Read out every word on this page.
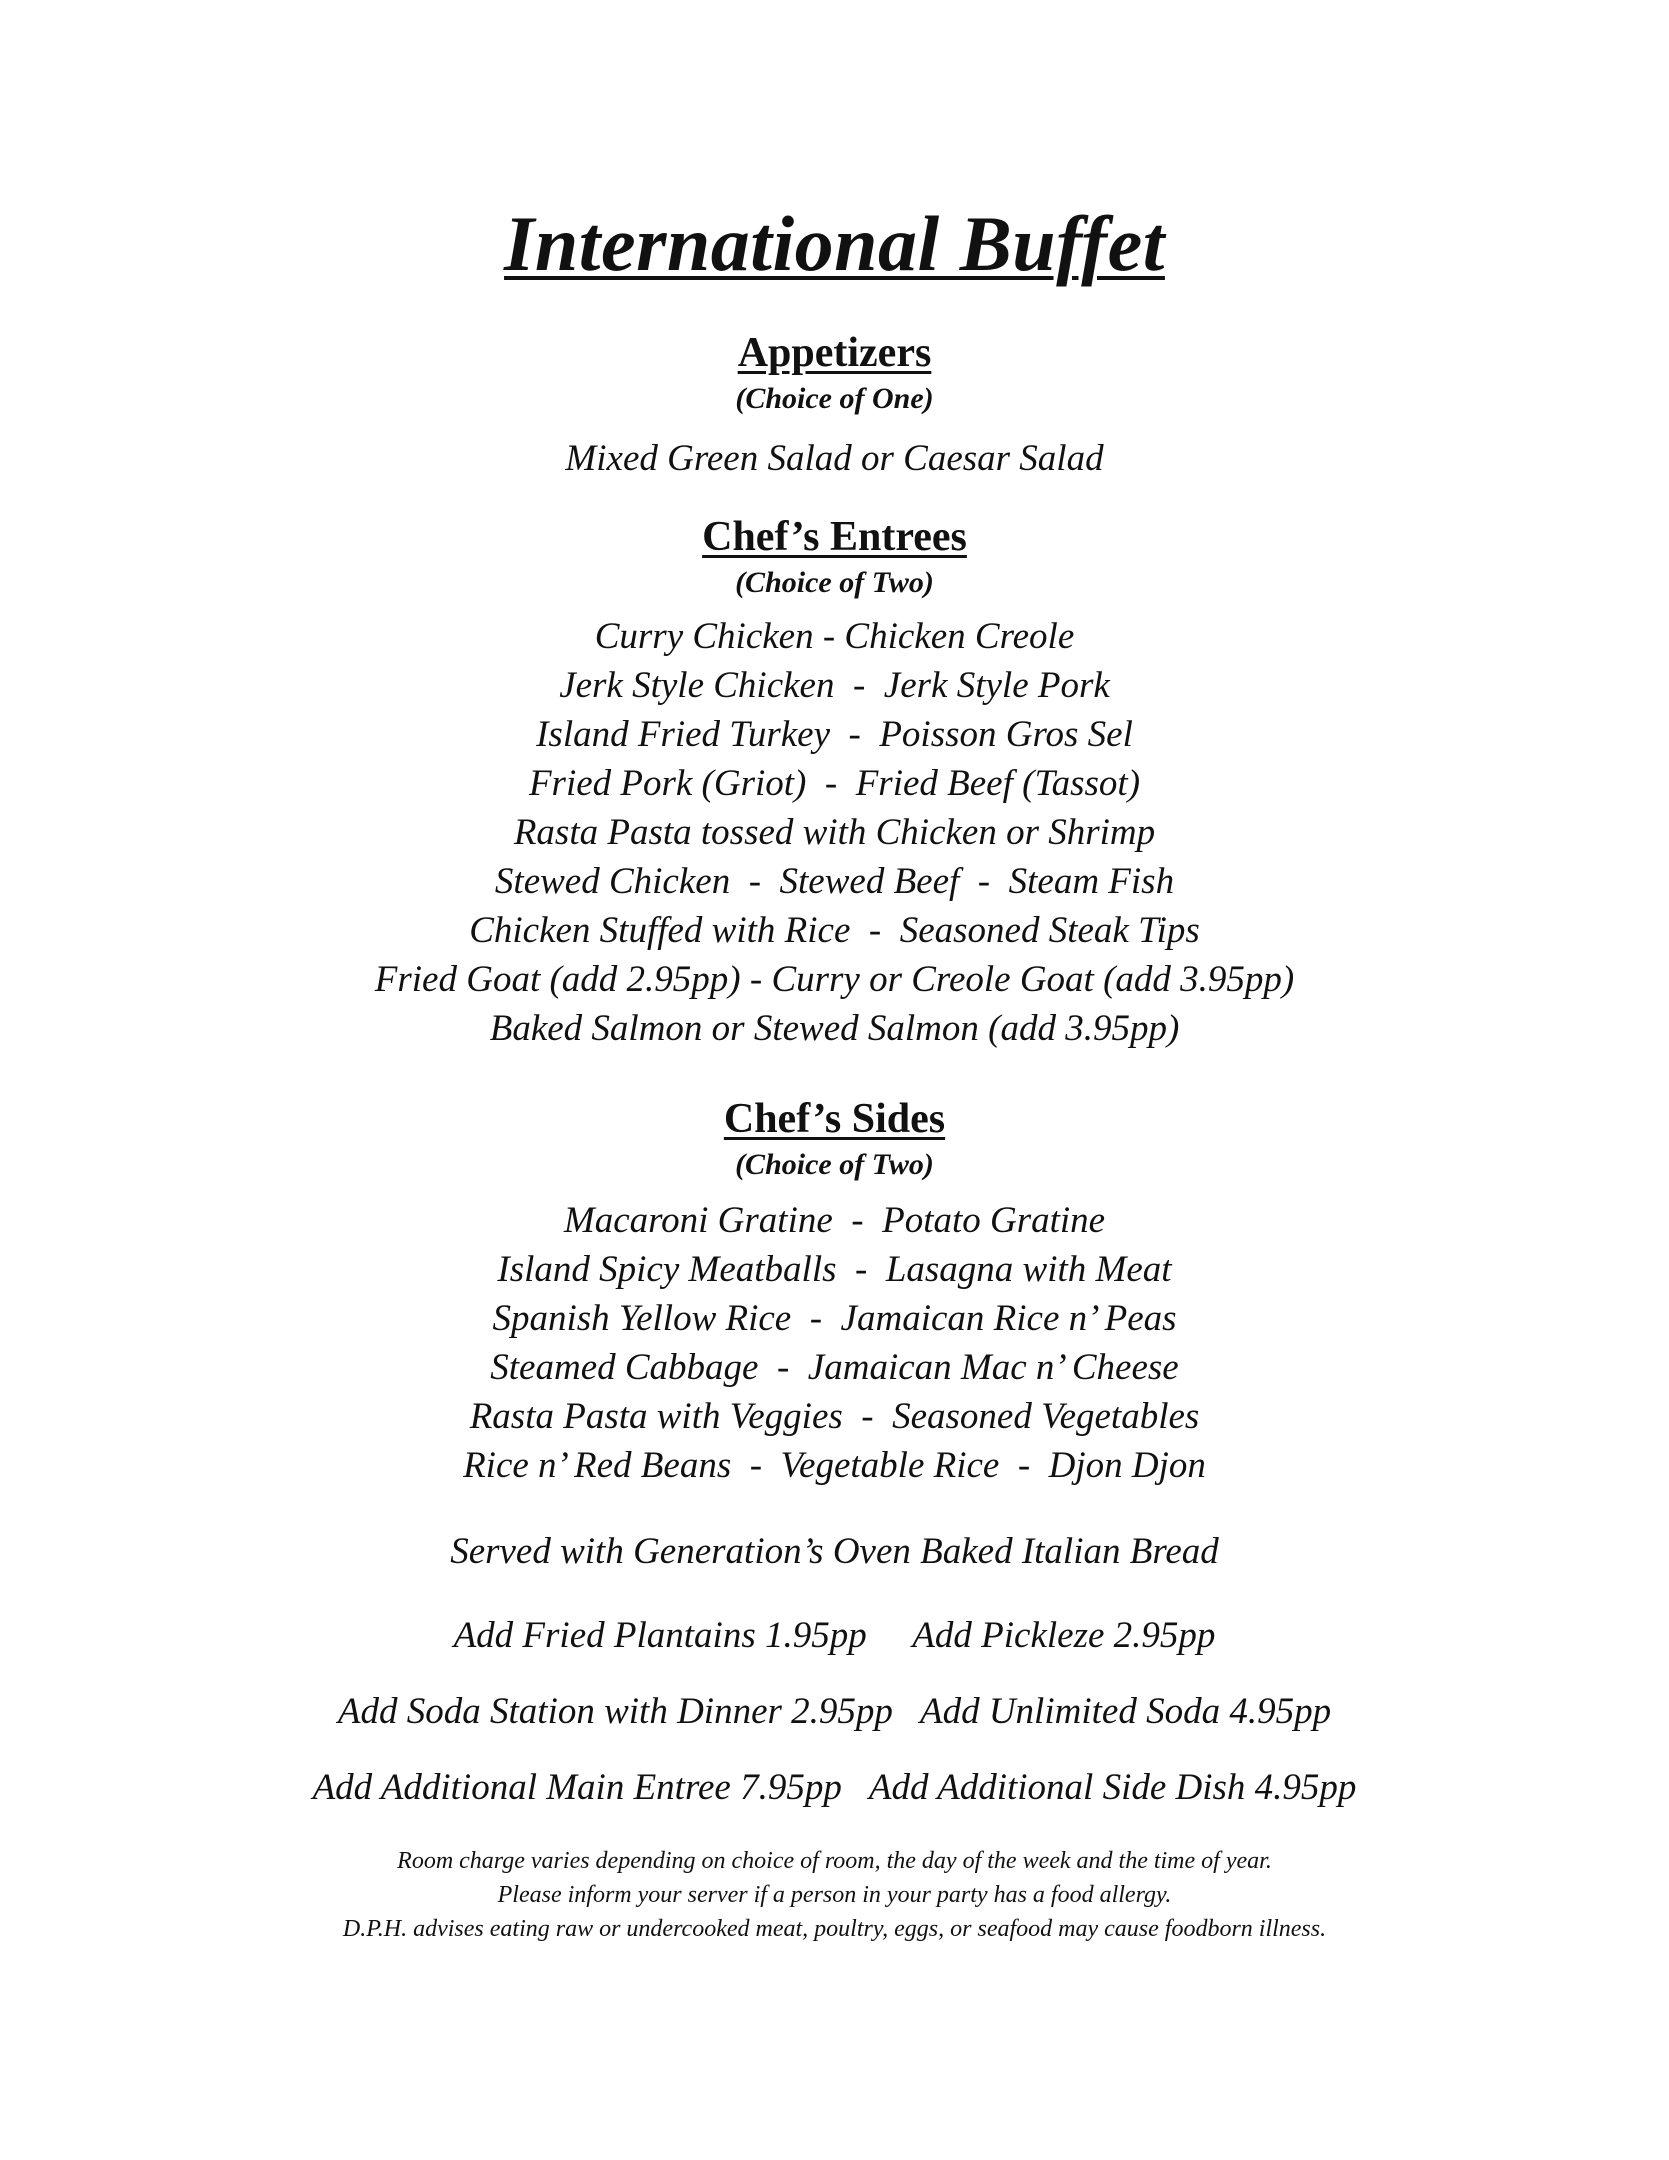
International Buffet
Appetizers
(Choice of One)
Mixed Green Salad or Caesar Salad
Chef’s Entrees
(Choice of Two)
Curry Chicken - Chicken Creole
Jerk Style Chicken  -  Jerk Style Pork
Island Fried Turkey  -  Poisson Gros Sel
Fried Pork (Griot)  -  Fried Beef (Tassot)
Rasta Pasta tossed with Chicken or Shrimp
Stewed Chicken  -  Stewed Beef  -  Steam Fish
Chicken Stuffed with Rice  -  Seasoned Steak Tips
Fried Goat (add 2.95pp) - Curry or Creole Goat (add 3.95pp)
Baked Salmon or Stewed Salmon (add 3.95pp)
Chef’s Sides
(Choice of Two)
Macaroni Gratine  -  Potato Gratine
Island Spicy Meatballs  -  Lasagna with Meat
Spanish Yellow Rice  -  Jamaican Rice n’ Peas
Steamed Cabbage  -  Jamaican Mac n’ Cheese
Rasta Pasta with Veggies  -  Seasoned Vegetables
Rice n’ Red Beans  -  Vegetable Rice  -  Djon Djon
Served with Generation’s Oven Baked Italian Bread
Add Fried Plantains 1.95pp     Add Pickleze 2.95pp
Add Soda Station with Dinner 2.95pp   Add Unlimited Soda 4.95pp
Add Additional Main Entree 7.95pp   Add Additional Side Dish 4.95pp
Room charge varies depending on choice of room, the day of the week and the time of year.
Please inform your server if a person in your party has a food allergy.
D.P.H. advises eating raw or undercooked meat, poultry, eggs, or seafood may cause foodborn illness.
